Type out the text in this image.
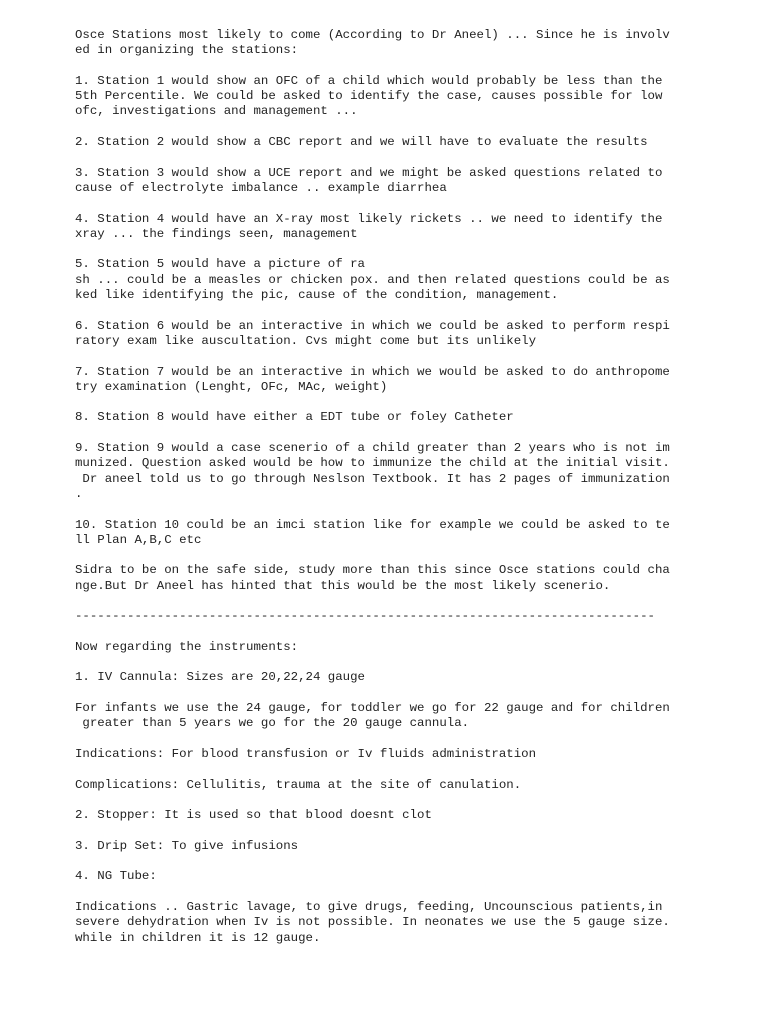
Osce Stations most likely to come (According to Dr Aneel) ... Since he is involv
ed in organizing the stations:
1. Station 1 would show an OFC of a child which would probably be less than the
5th Percentile. We could be asked to identify the case, causes possible for low
ofc, investigations and management ...
2. Station 2 would show a CBC report and we will have to evaluate the results
3. Station 3 would show a UCE report and we might be asked questions related to
cause of electrolyte imbalance .. example diarrhea
4. Station 4 would have an X-ray most likely rickets .. we need to identify the
xray ... the findings seen, management
5. Station 5 would have a picture of ra
sh ... could be a measles or chicken pox. and then related questions could be as
ked like identifying the pic, cause of the condition, management.
6. Station 6 would be an interactive in which we could be asked to perform respi
ratory exam like auscultation. Cvs might come but its unlikely
7. Station 7 would be an interactive in which we would be asked to do anthropome
try examination (Lenght, OFc, MAc, weight)
8. Station 8 would have either a EDT tube or foley Catheter
9. Station 9 would a case scenerio of a child greater than 2 years who is not im
munized. Question asked would be how to immunize the child at the initial visit.
Dr aneel told us to go through Neslson Textbook. It has 2 pages of immunization
.
10. Station 10 could be an imci station like for example we could be asked to te
ll Plan A,B,C etc
Sidra to be on the safe side, study more than this since Osce stations could cha
nge.But Dr Aneel has hinted that this would be the most likely scenerio.
------------------------------------------------------------------------------
Now regarding the instruments:
1. IV Cannula: Sizes are 20,22,24 gauge
For infants we use the 24 gauge, for toddler we go for 22 gauge and for children
greater than 5 years we go for the 20 gauge cannula.
Indications: For blood transfusion or Iv fluids administration
Complications: Cellulitis, trauma at the site of canulation.
2. Stopper: It is used so that blood doesnt clot
3. Drip Set: To give infusions
4. NG Tube:
Indications .. Gastric lavage, to give drugs, feeding, Uncounscious patients,in
severe dehydration when Iv is not possible. In neonates we use the 5 gauge size.
while in children it is 12 gauge.
